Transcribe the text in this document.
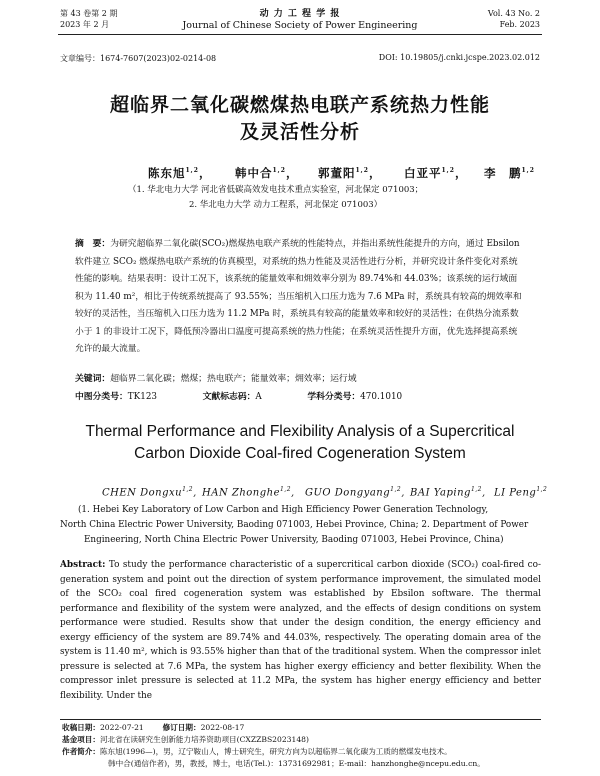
第 43 卷第 2 期
2023 年 2 月
动 力 工 程 学 报
Journal of Chinese Society of Power Engineering
Vol. 43 No. 2
Feb. 2023
文章编号：1674-7607(2023)02-0214-08	DOI: 10.19805/j.cnki.jcspe.2023.02.012
超临界二氧化碳燃煤热电联产系统热力性能
及灵活性分析
陈东旭$^{1,2}$， 韩中合$^{1,2}$， 郭董阳$^{1,2}$， 白亚平$^{1,2}$， 李　鹏$^{1,2}$
（1. 华北电力大学 河北省低碳高效发电技术重点实验室，河北保定 071003；
2. 华北电力大学 动力工程系，河北保定 071003）
摘　要：为研究超临界二氧化碳(SCO₂)燃煤热电联产系统的性能特点，并指出系统性能提升的方向，通过 Ebsilon 软件建立 SCO₂ 燃煤热电联产系统的仿真模型，对系统的热力性能及灵活性进行分析，并研究设计条件变化对系统性能的影响。结果表明：设计工况下，该系统的能量效率和㶲效率分别为 89.74%和 44.03%；该系统的运行域面积为 11.40 m²，相比于传统系统提高了 93.55%；当压缩机入口压力选为 7.6 MPa 时，系统具有较高的㶲效率和较好的灵活性，当压缩机入口压力选为 11.2 MPa 时，系统具有较高的能量效率和较好的灵活性；在供热分流系数小于 1 的非设计工况下，降低预冷器出口温度可提高系统的热力性能；在系统灵活性提升方面，优先选择提高系统允许的最大流量。
关键词：超临界二氧化碳；燃煤；热电联产；能量效率；㶲效率；运行域
中图分类号：TK123	文献标志码：A	学科分类号：470.1010
Thermal Performance and Flexibility Analysis of a Supercritical
Carbon Dioxide Coal-fired Cogeneration System
CHEN Dongxu$^{1,2}$, HAN Zhonghe$^{1,2}$, GUO Dongyang$^{1,2}$, BAI Yaping$^{1,2}$, LI Peng$^{1,2}$
(1. Hebei Key Laboratory of Low Carbon and High Efficiency Power Generation Technology,
North China Electric Power University, Baoding 071003, Hebei Province, China; 2. Department of Power
Engineering, North China Electric Power University, Baoding 071003, Hebei Province, China)
Abstract: To study the performance characteristic of a supercritical carbon dioxide (SCO₂) coal-fired co-generation system and point out the direction of system performance improvement, the simulated model of the SCO₂ coal fired cogeneration system was established by Ebsilon software. The thermal performance and flexibility of the system were analyzed, and the effects of design conditions on system performance were studied. Results show that under the design condition, the energy efficiency and exergy efficiency of the system are 89.74% and 44.03%, respectively. The operating domain area of the system is 11.40 m², which is 93.55% higher than that of the traditional system. When the compressor inlet pressure is selected at 7.6 MPa, the system has higher exergy efficiency and better flexibility. When the compressor inlet pressure is selected at 11.2 MPa, the system has higher energy efficiency and better flexibility. Under the
收稿日期：2022-07-21 修订日期：2022-08-17
基金项目：河北省在读研究生创新能力培养资助项目(CXZZBS2023148)
作者简介：陈东旭(1996—)，男，辽宁鞍山人，博士研究生，研究方向为以超临界二氧化碳为工质的燃煤发电技术。
韩中合(通信作者)，男，教授，博士，电话(Tel.)：13731692981；E-mail：hanzhonghe@ncepu.edu.cn。
